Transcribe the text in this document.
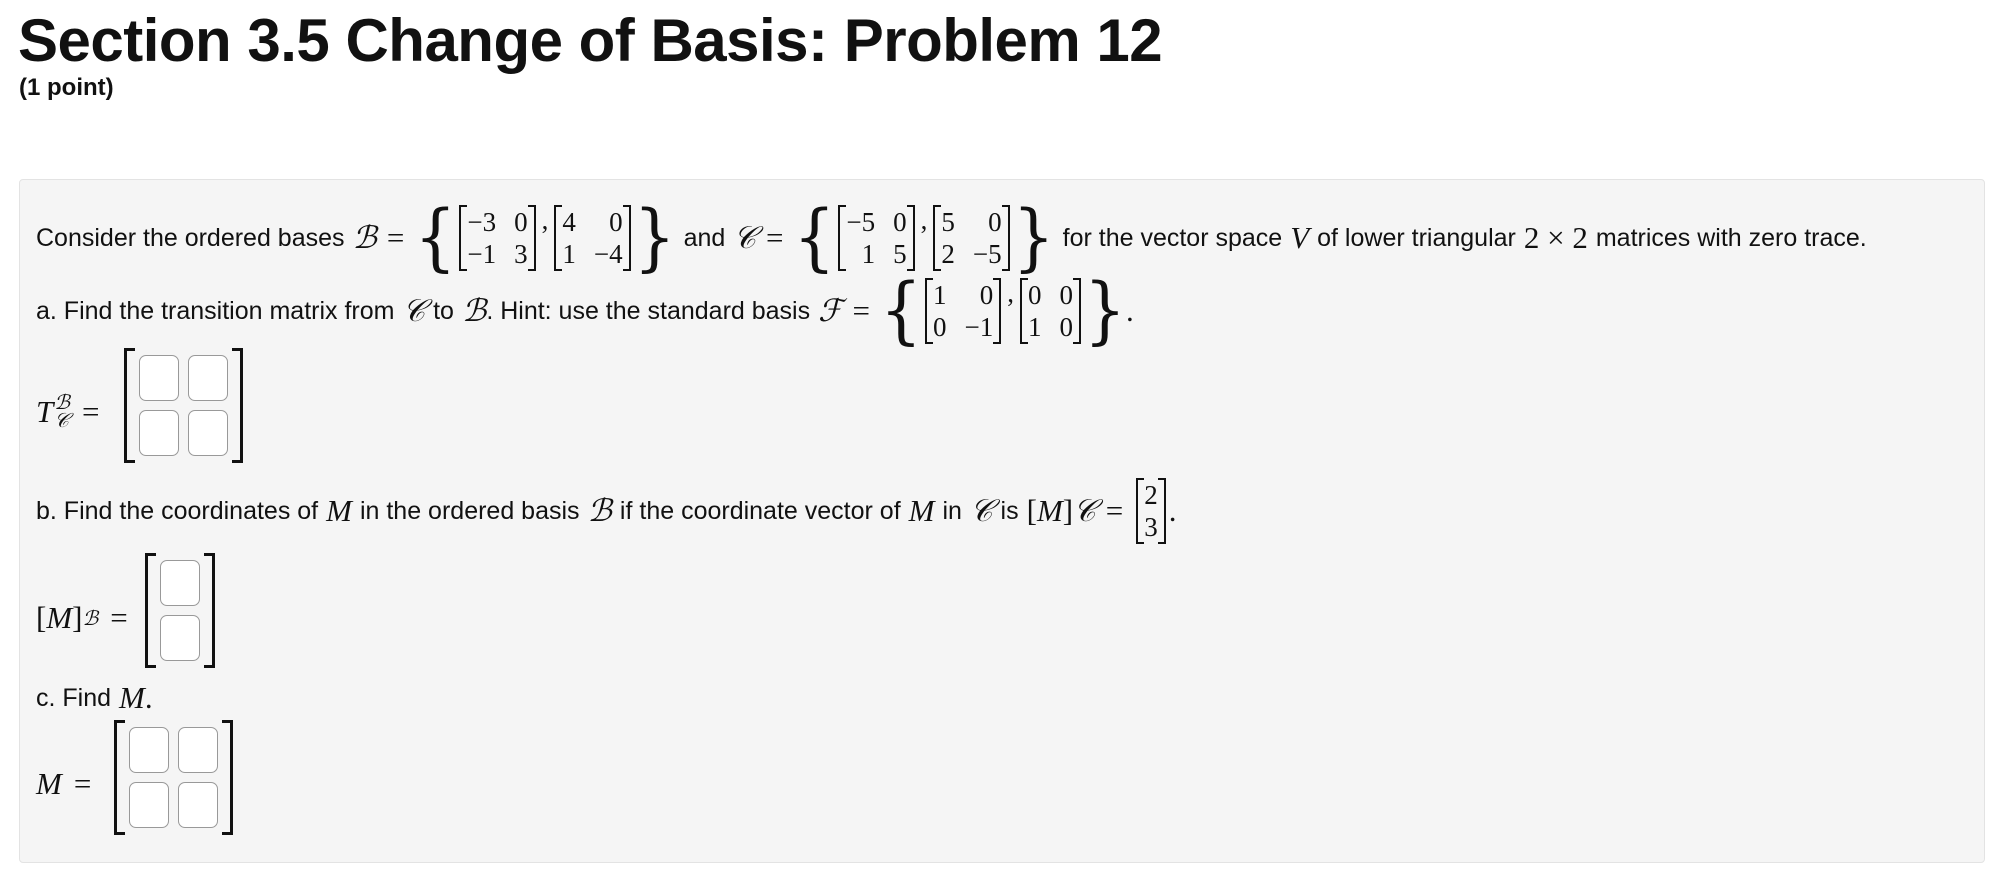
Section 3.5 Change of Basis: Problem 12
(1 point)
Consider the ordered bases ℬ = { −3 0
−1 3
, 4	0
1 −4 } and 𝒞 = { −5 0
1 5
, 5	0
2 −5 } for the vector space V of lower triangular 2 × 2 matrices with zero trace.
a. Find the transition matrix from 𝒞 to ℬ . Hint: use the standard basis ℱ = { 1	0
0 −1
, 0 0
1 0 } .
T ℬ
𝒞 =
b. Find the coordinates of M in the ordered basis ℬ if the coordinate vector of M in 𝒞 is [ M ] 𝒞 = 2
3 .
[ M ] ℬ =
c. Find M .
M =
